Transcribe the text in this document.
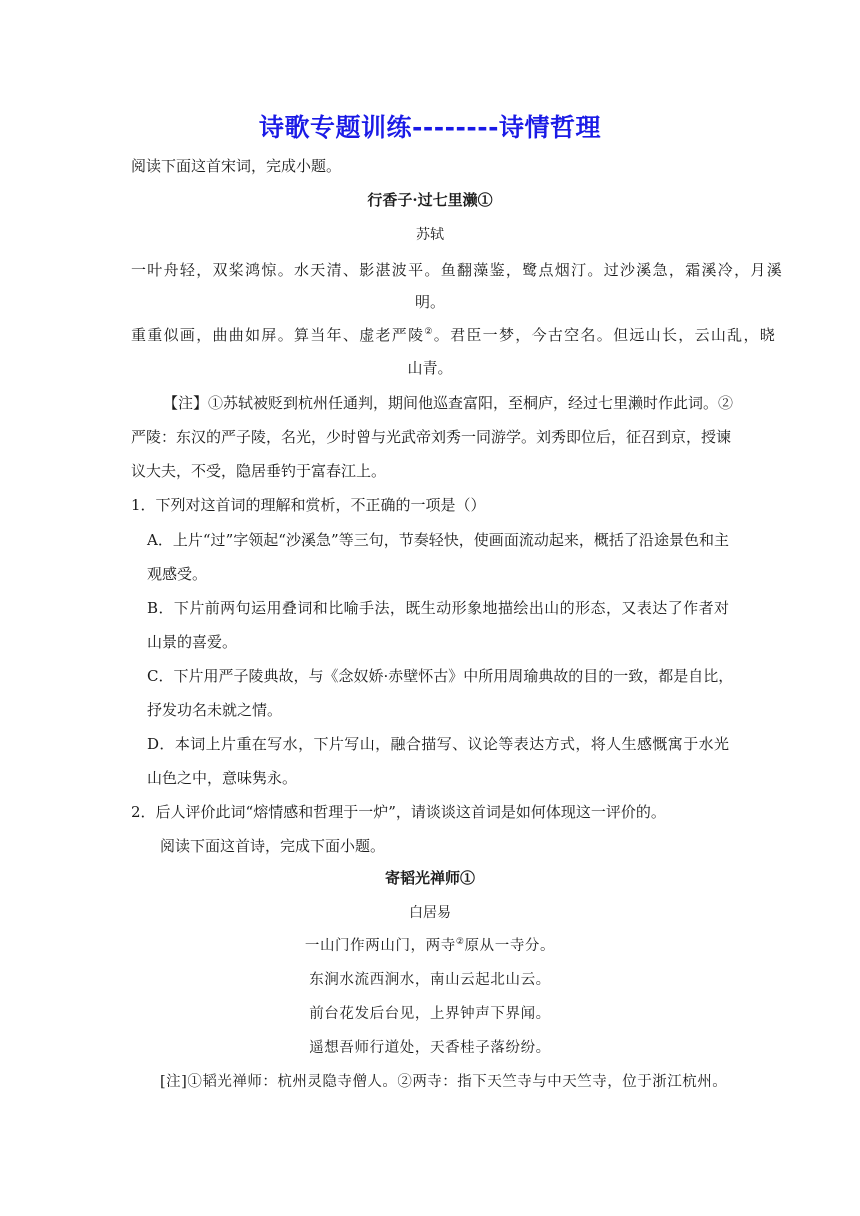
诗歌专题训练--------诗情哲理
阅读下面这首宋词，完成小题。
行香子·过七里濑①
苏轼
一叶舟轻，双桨鸿惊。水天清、影湛波平。鱼翻藻鉴，鹭点烟汀。过沙溪急，霜溪冷，月溪
明。
重重似画，曲曲如屏。算当年、虚老严陵②。君臣一梦，今古空名。但远山长，云山乱，晓
山青。
【注】①苏轼被贬到杭州任通判，期间他巡查富阳，至桐庐，经过七里濑时作此词。②
严陵：东汉的严子陵，名光，少时曾与光武帝刘秀一同游学。刘秀即位后，征召到京，授谏
议大夫，不受，隐居垂钓于富春江上。
1．下列对这首词的理解和赏析，不正确的一项是（）
A．上片“过”字领起“沙溪急”等三句，节奏轻快，使画面流动起来，概括了沿途景色和主
观感受。
B．下片前两句运用叠词和比喻手法，既生动形象地描绘出山的形态，又表达了作者对
山景的喜爱。
C．下片用严子陵典故，与《念奴娇·赤壁怀古》中所用周瑜典故的目的一致，都是自比，
抒发功名未就之情。
D．本词上片重在写水，下片写山，融合描写、议论等表达方式，将人生感慨寓于水光
山色之中，意味隽永。
2．后人评价此词“熔情感和哲理于一炉”，请谈谈这首词是如何体现这一评价的。
阅读下面这首诗，完成下面小题。
寄韬光禅师①
白居易
一山门作两山门，两寺②原从一寺分。
东涧水流西涧水，南山云起北山云。
前台花发后台见，上界钟声下界闻。
遥想吾师行道处，天香桂子落纷纷。
[注]①韬光禅师：杭州灵隐寺僧人。②两寺：指下天竺寺与中天竺寺，位于浙江杭州。
